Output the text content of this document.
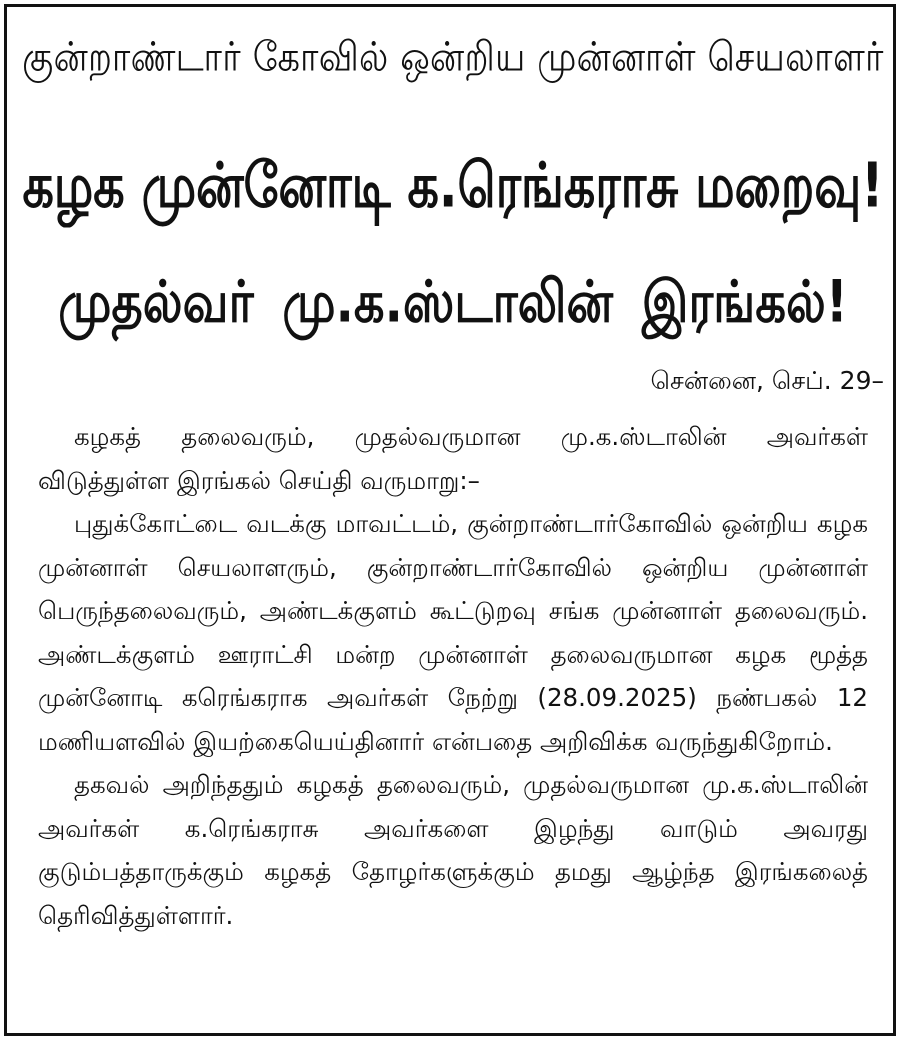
குன்றாண்டார் கோவில் ஒன்றிய முன்னாள் செயலாளர்
கழக முன்னோடி க.ரெங்கராசு மறைவு!
முதல்வர் மு.க.ஸ்டாலின் இரங்கல்!

சென்னை, செப். 29–

கழகத் தலைவரும், முதல்வருமான மு.க.ஸ்டாலின் அவர்கள் விடுத்துள்ள இரங்கல் செய்தி வருமாறு:–

புதுக்கோட்டை வடக்கு மாவட்டம், குன்றாண்டார்கோவில் ஒன்றிய கழக முன்னாள் செயலாளரும், குன்றாண்டார்கோவில் ஒன்றிய முன்னாள் பெருந்தலைவரும், அண்டக்குளம் கூட்டுறவு சங்க முன்னாள் தலைவரும். அண்டக்குளம் ஊராட்சி மன்ற முன்னாள் தலைவருமான கழக மூத்த முன்னோடி கரெங்கராக அவர்கள் நேற்று (28.09.2025) நண்பகல் 12 மணியளவில் இயற்கையெய்தினார் என்பதை அறிவிக்க வருந்துகிறோம்.

தகவல் அறிந்ததும் கழகத் தலைவரும், முதல்வருமான மு.க.ஸ்டாலின் அவர்கள் க.ரெங்கராசு அவர்களை இழந்து வாடும் அவரது குடும்பத்தாருக்கும் கழகத் தோழர்களுக்கும் தமது ஆழ்ந்த இரங்கலைத் தெரிவித்துள்ளார்.
